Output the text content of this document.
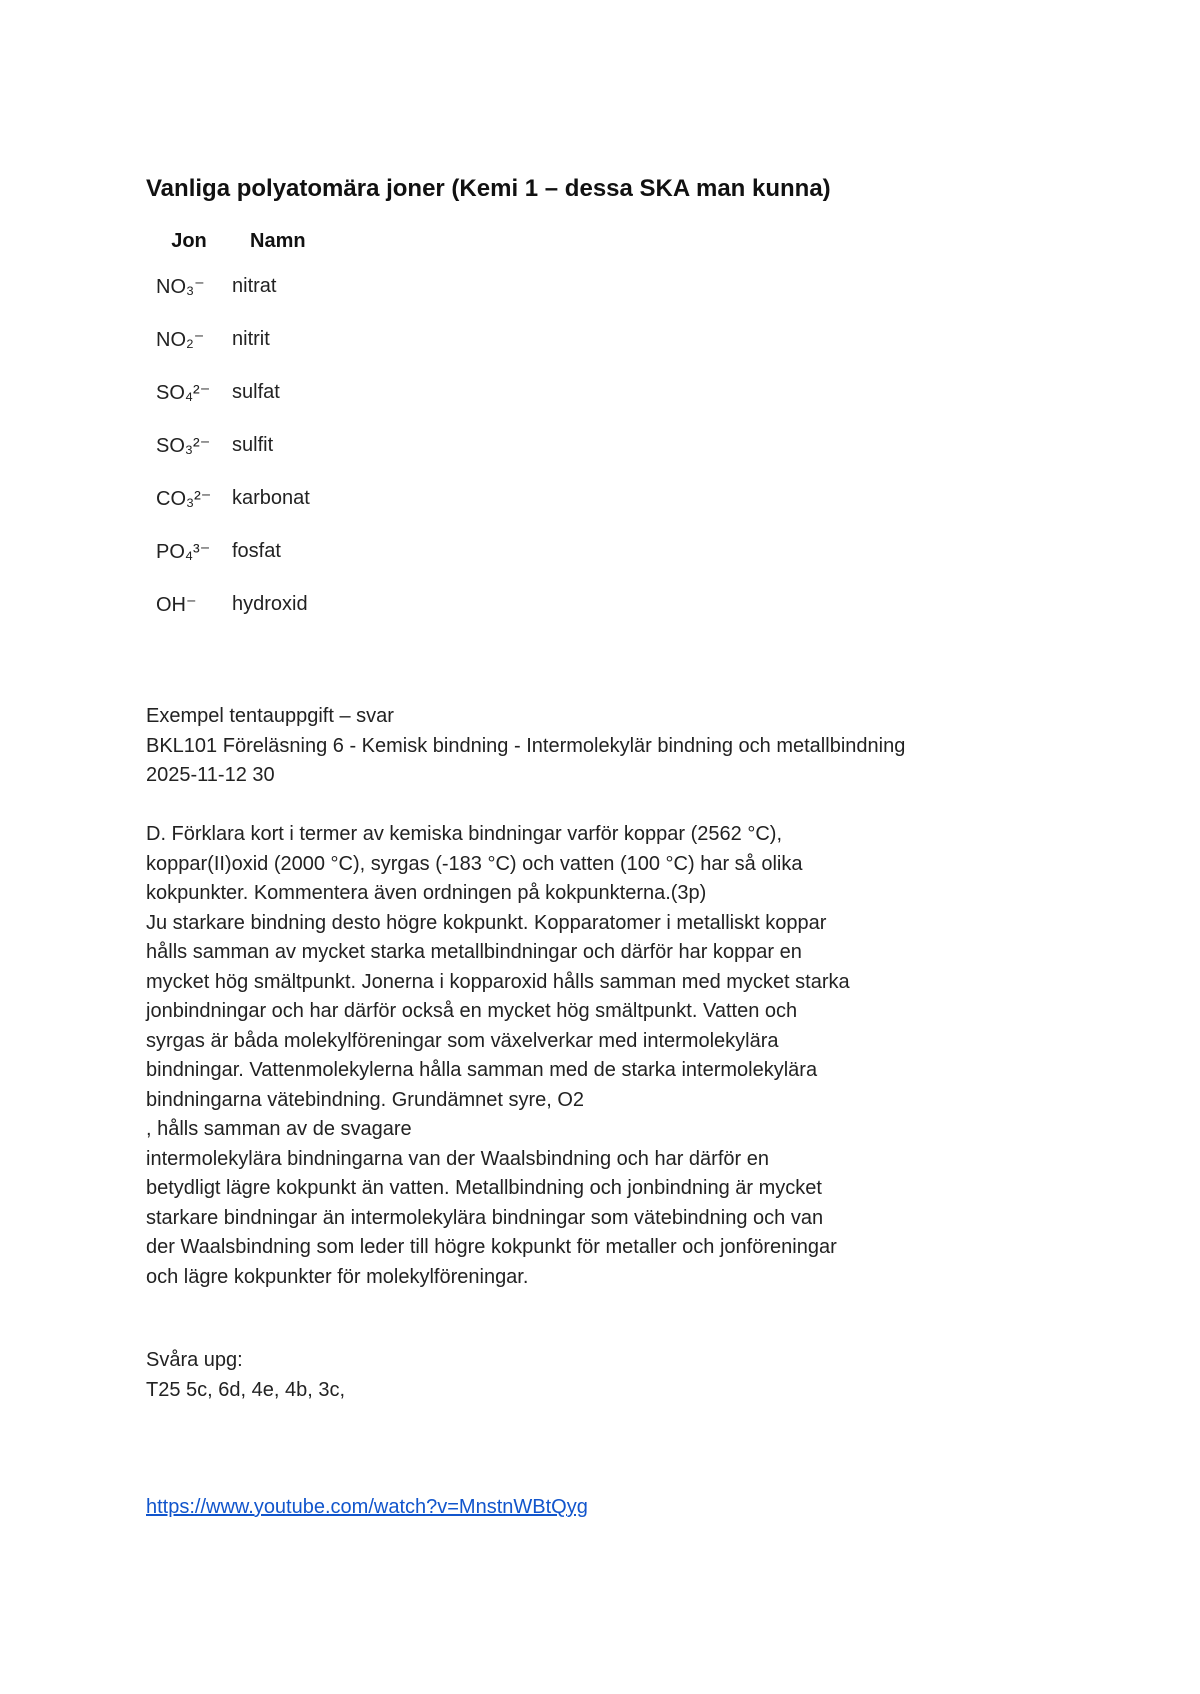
Vanliga polyatomära joner (Kemi 1 – dessa SKA man kunna)
Jon	Namn
NO₃⁻	nitrat
NO₂⁻	nitrit
SO₄²⁻	sulfat
SO₃²⁻	sulfit
CO₃²⁻	karbonat
PO₄³⁻	fosfat
OH⁻	hydroxid
Exempel tentauppgift – svar
BKL101 Föreläsning 6 - Kemisk bindning - Intermolekylär bindning och metallbindning
2025-11-12 30
D. Förklara kort i termer av kemiska bindningar varför koppar (2562 °C),
koppar(II)oxid (2000 °C), syrgas (-183 °C) och vatten (100 °C) har så olika
kokpunkter. Kommentera även ordningen på kokpunkterna.(3p)
Ju starkare bindning desto högre kokpunkt. Kopparatomer i metalliskt koppar
hålls samman av mycket starka metallbindningar och därför har koppar en
mycket hög smältpunkt. Jonerna i kopparoxid hålls samman med mycket starka
jonbindningar och har därför också en mycket hög smältpunkt. Vatten och
syrgas är båda molekylföreningar som växelverkar med intermolekylära
bindningar. Vattenmolekylerna hålla samman med de starka intermolekylära
bindningarna vätebindning. Grundämnet syre, O2
, hålls samman av de svagare
intermolekylära bindningarna van der Waalsbindning och har därför en
betydligt lägre kokpunkt än vatten. Metallbindning och jonbindning är mycket
starkare bindningar än intermolekylära bindningar som vätebindning och van
der Waalsbindning som leder till högre kokpunkt för metaller och jonföreningar
och lägre kokpunkter för molekylföreningar.
Svåra upg:
T25 5c, 6d, 4e, 4b, 3c,
https://www.youtube.com/watch?v=MnstnWBtQyg
